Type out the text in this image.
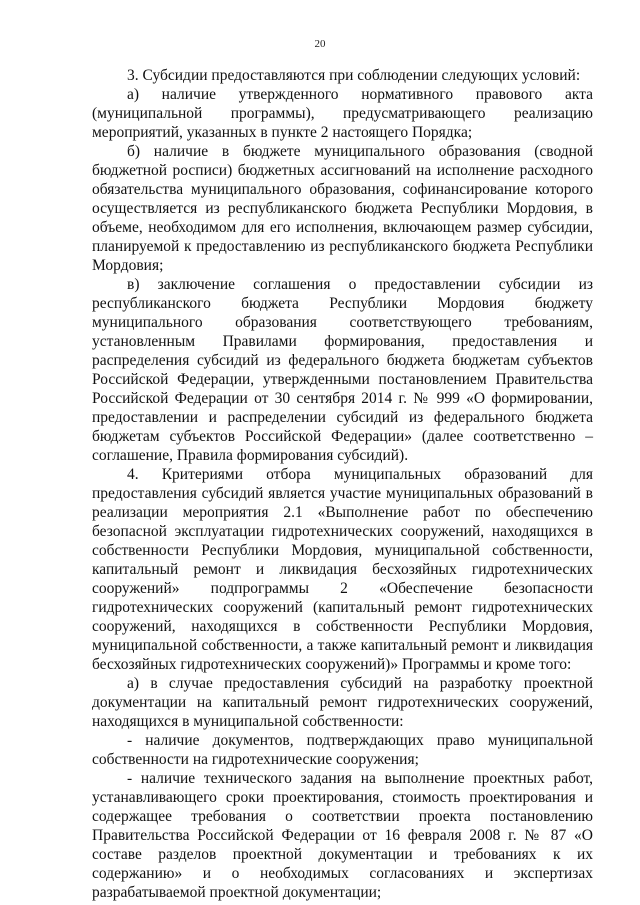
20

3. Субсидии предоставляются при соблюдении следующих условий:

а) наличие утвержденного нормативного правового акта (муниципальной программы), предусматривающего реализацию мероприятий, указанных в пункте 2 настоящего Порядка;

б) наличие в бюджете муниципального образования (сводной бюджетной росписи) бюджетных ассигнований на исполнение расходного обязательства муниципального образования, софинансирование которого осуществляется из республиканского бюджета Республики Мордовия, в объеме, необходимом для его исполнения, включающем размер субсидии, планируемой к предоставлению из республиканского бюджета Республики Мордовия;

в) заключение соглашения о предоставлении субсидии из республиканского бюджета Республики Мордовия бюджету муниципального образования соответствующего требованиям, установленным Правилами формирования, предоставления и распределения субсидий из федерального бюджета бюджетам субъектов Российской Федерации, утвержденными постановлением Правительства Российской Федерации от 30 сентября 2014 г. № 999 «О формировании, предоставлении и распределении субсидий из федерального бюджета бюджетам субъектов Российской Федерации» (далее соответственно – соглашение, Правила формирования субсидий).

4. Критериями отбора муниципальных образований для предоставления субсидий является участие муниципальных образований в реализации мероприятия 2.1 «Выполнение работ по обеспечению безопасной эксплуатации гидротехнических сооружений, находящихся в собственности Республики Мордовия, муниципальной собственности, капитальный ремонт и ликвидация бесхозяйных гидротехнических сооружений» подпрограммы 2 «Обеспечение безопасности гидротехнических сооружений (капитальный ремонт гидротехнических сооружений, находящихся в собственности Республики Мордовия, муниципальной собственности, а также капитальный ремонт и ликвидация бесхозяйных гидротехнических сооружений)» Программы и кроме того:

а) в случае предоставления субсидий на разработку проектной документации на капитальный ремонт гидротехнических сооружений, находящихся в муниципальной собственности:

- наличие документов, подтверждающих право муниципальной собственности на гидротехнические сооружения;

- наличие технического задания на выполнение проектных работ, устанавливающего сроки проектирования, стоимость проектирования и содержащее требования о соответствии проекта постановлению Правительства Российской Федерации от 16 февраля 2008 г. № 87 «О составе разделов проектной документации и требованиях к их содержанию» и о необходимых согласованиях и экспертизах разрабатываемой проектной документации;
